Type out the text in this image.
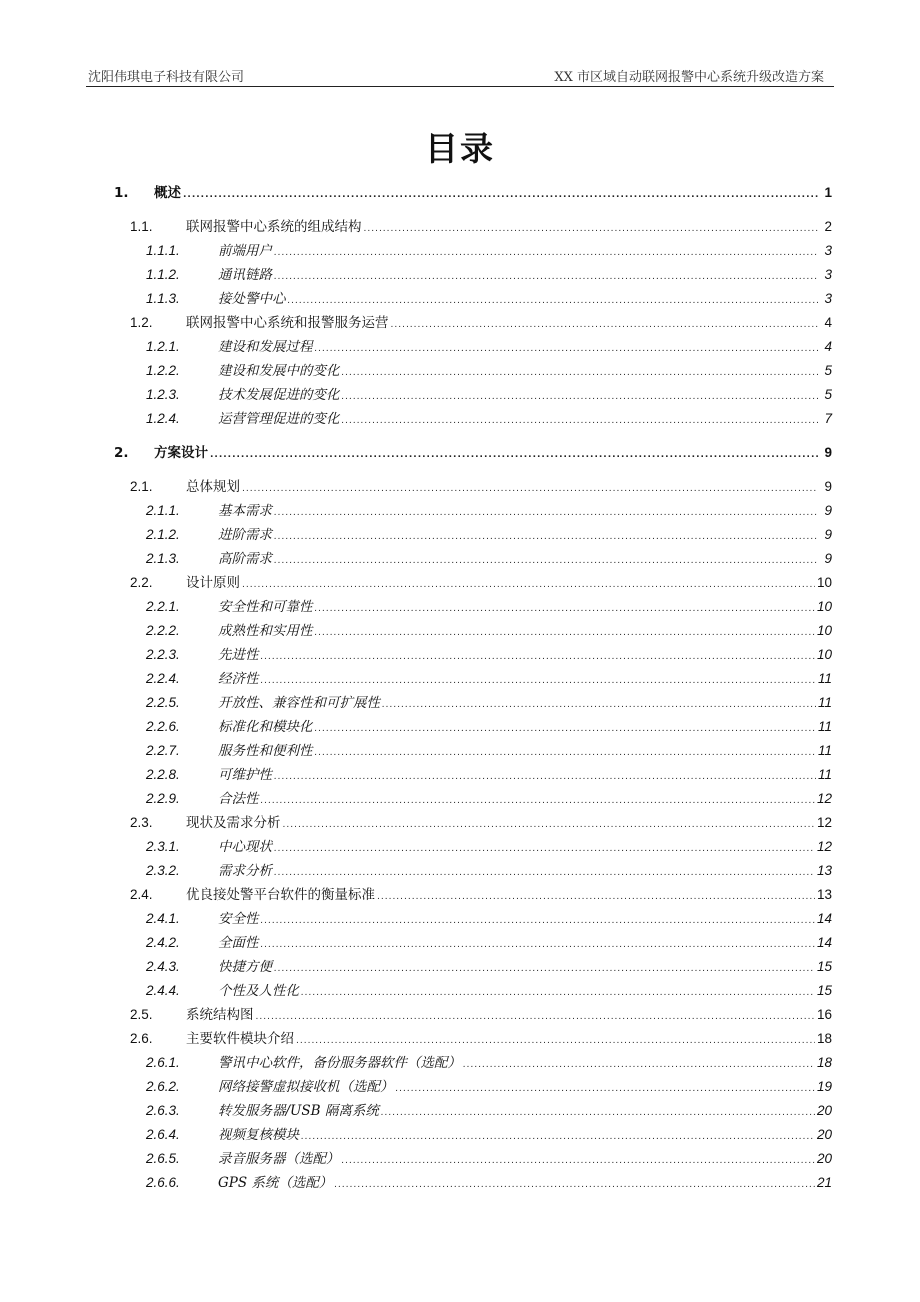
沈阳伟琪电子科技有限公司	XX 市区域自动联网报警中心系统升级改造方案
目录
1.	概述 .....	1
1.1.	联网报警中心系统的组成结构 .....	2
1.1.1.	前端用户 .....	3
1.1.2.	通讯链路 .....	3
1.1.3.	接处警中心 .....	3
1.2.	联网报警中心系统和报警服务运营 .....	4
1.2.1.	建设和发展过程 .....	4
1.2.2.	建设和发展中的变化 .....	5
1.2.3.	技术发展促进的变化 .....	5
1.2.4.	运营管理促进的变化 .....	7
2.	方案设计 .....	9
2.1.	总体规划 .....	9
2.1.1.	基本需求 .....	9
2.1.2.	进阶需求 .....	9
2.1.3.	高阶需求 .....	9
2.2.	设计原则 .....	10
2.2.1.	安全性和可靠性 .....	10
2.2.2.	成熟性和实用性 .....	10
2.2.3.	先进性 .....	10
2.2.4.	经济性 .....	11
2.2.5.	开放性、兼容性和可扩展性 .....	11
2.2.6.	标准化和模块化 .....	11
2.2.7.	服务性和便利性 .....	11
2.2.8.	可维护性 .....	11
2.2.9.	合法性 .....	12
2.3.	现状及需求分析 .....	12
2.3.1.	中心现状 .....	12
2.3.2.	需求分析 .....	13
2.4.	优良接处警平台软件的衡量标准 .....	13
2.4.1.	安全性 .....	14
2.4.2.	全面性 .....	14
2.4.3.	快捷方便 .....	15
2.4.4.	个性及人性化 .....	15
2.5.	系统结构图 .....	16
2.6.	主要软件模块介绍 .....	18
2.6.1.	警讯中心软件，备份服务器软件（选配） .....	18
2.6.2.	网络接警虚拟接收机（选配） .....	19
2.6.3.	转发服务器/USB 隔离系统 .....	20
2.6.4.	视频复核模块 .....	20
2.6.5.	录音服务器（选配） .....	20
2.6.6.	GPS 系统（选配） .....	21
